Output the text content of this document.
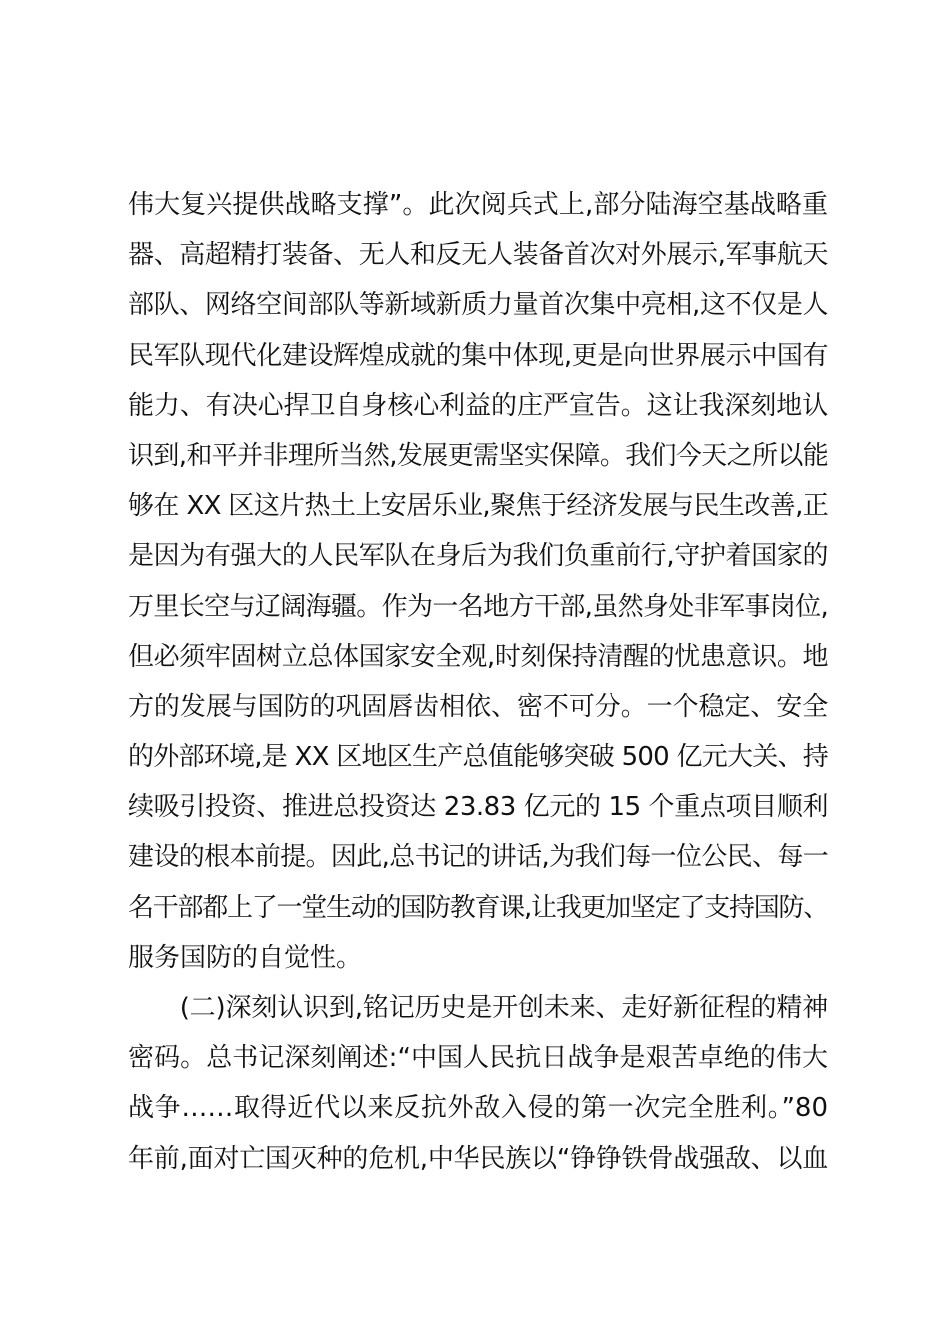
伟大复兴提供战略支撑”。此次阅兵式上,部分陆海空基战略重
器、高超精打装备、无人和反无人装备首次对外展示,军事航天
部队、网络空间部队等新域新质力量首次集中亮相,这不仅是人
民军队现代化建设辉煌成就的集中体现,更是向世界展示中国有
能力、有决心捍卫自身核心利益的庄严宣告。这让我深刻地认
识到,和平并非理所当然,发展更需坚实保障。我们今天之所以能
够在 XX 区这片热土上安居乐业,聚焦于经济发展与民生改善,正
是因为有强大的人民军队在身后为我们负重前行,守护着国家的
万里长空与辽阔海疆。作为一名地方干部,虽然身处非军事岗位,
但必须牢固树立总体国家安全观,时刻保持清醒的忧患意识。地
方的发展与国防的巩固唇齿相依、密不可分。一个稳定、安全
的外部环境,是 XX 区地区生产总值能够突破 500 亿元大关、持
续吸引投资、推进总投资达 23.83 亿元的 15 个重点项目顺利
建设的根本前提。因此,总书记的讲话,为我们每一位公民、每一
名干部都上了一堂生动的国防教育课,让我更加坚定了支持国防、
服务国防的自觉性。
　　(二)深刻认识到,铭记历史是开创未来、走好新征程的精神
密码。总书记深刻阐述:“中国人民抗日战争是艰苦卓绝的伟大
战争……取得近代以来反抗外敌入侵的第一次完全胜利。”80
年前,面对亡国灭种的危机,中华民族以“铮铮铁骨战强敌、以血
